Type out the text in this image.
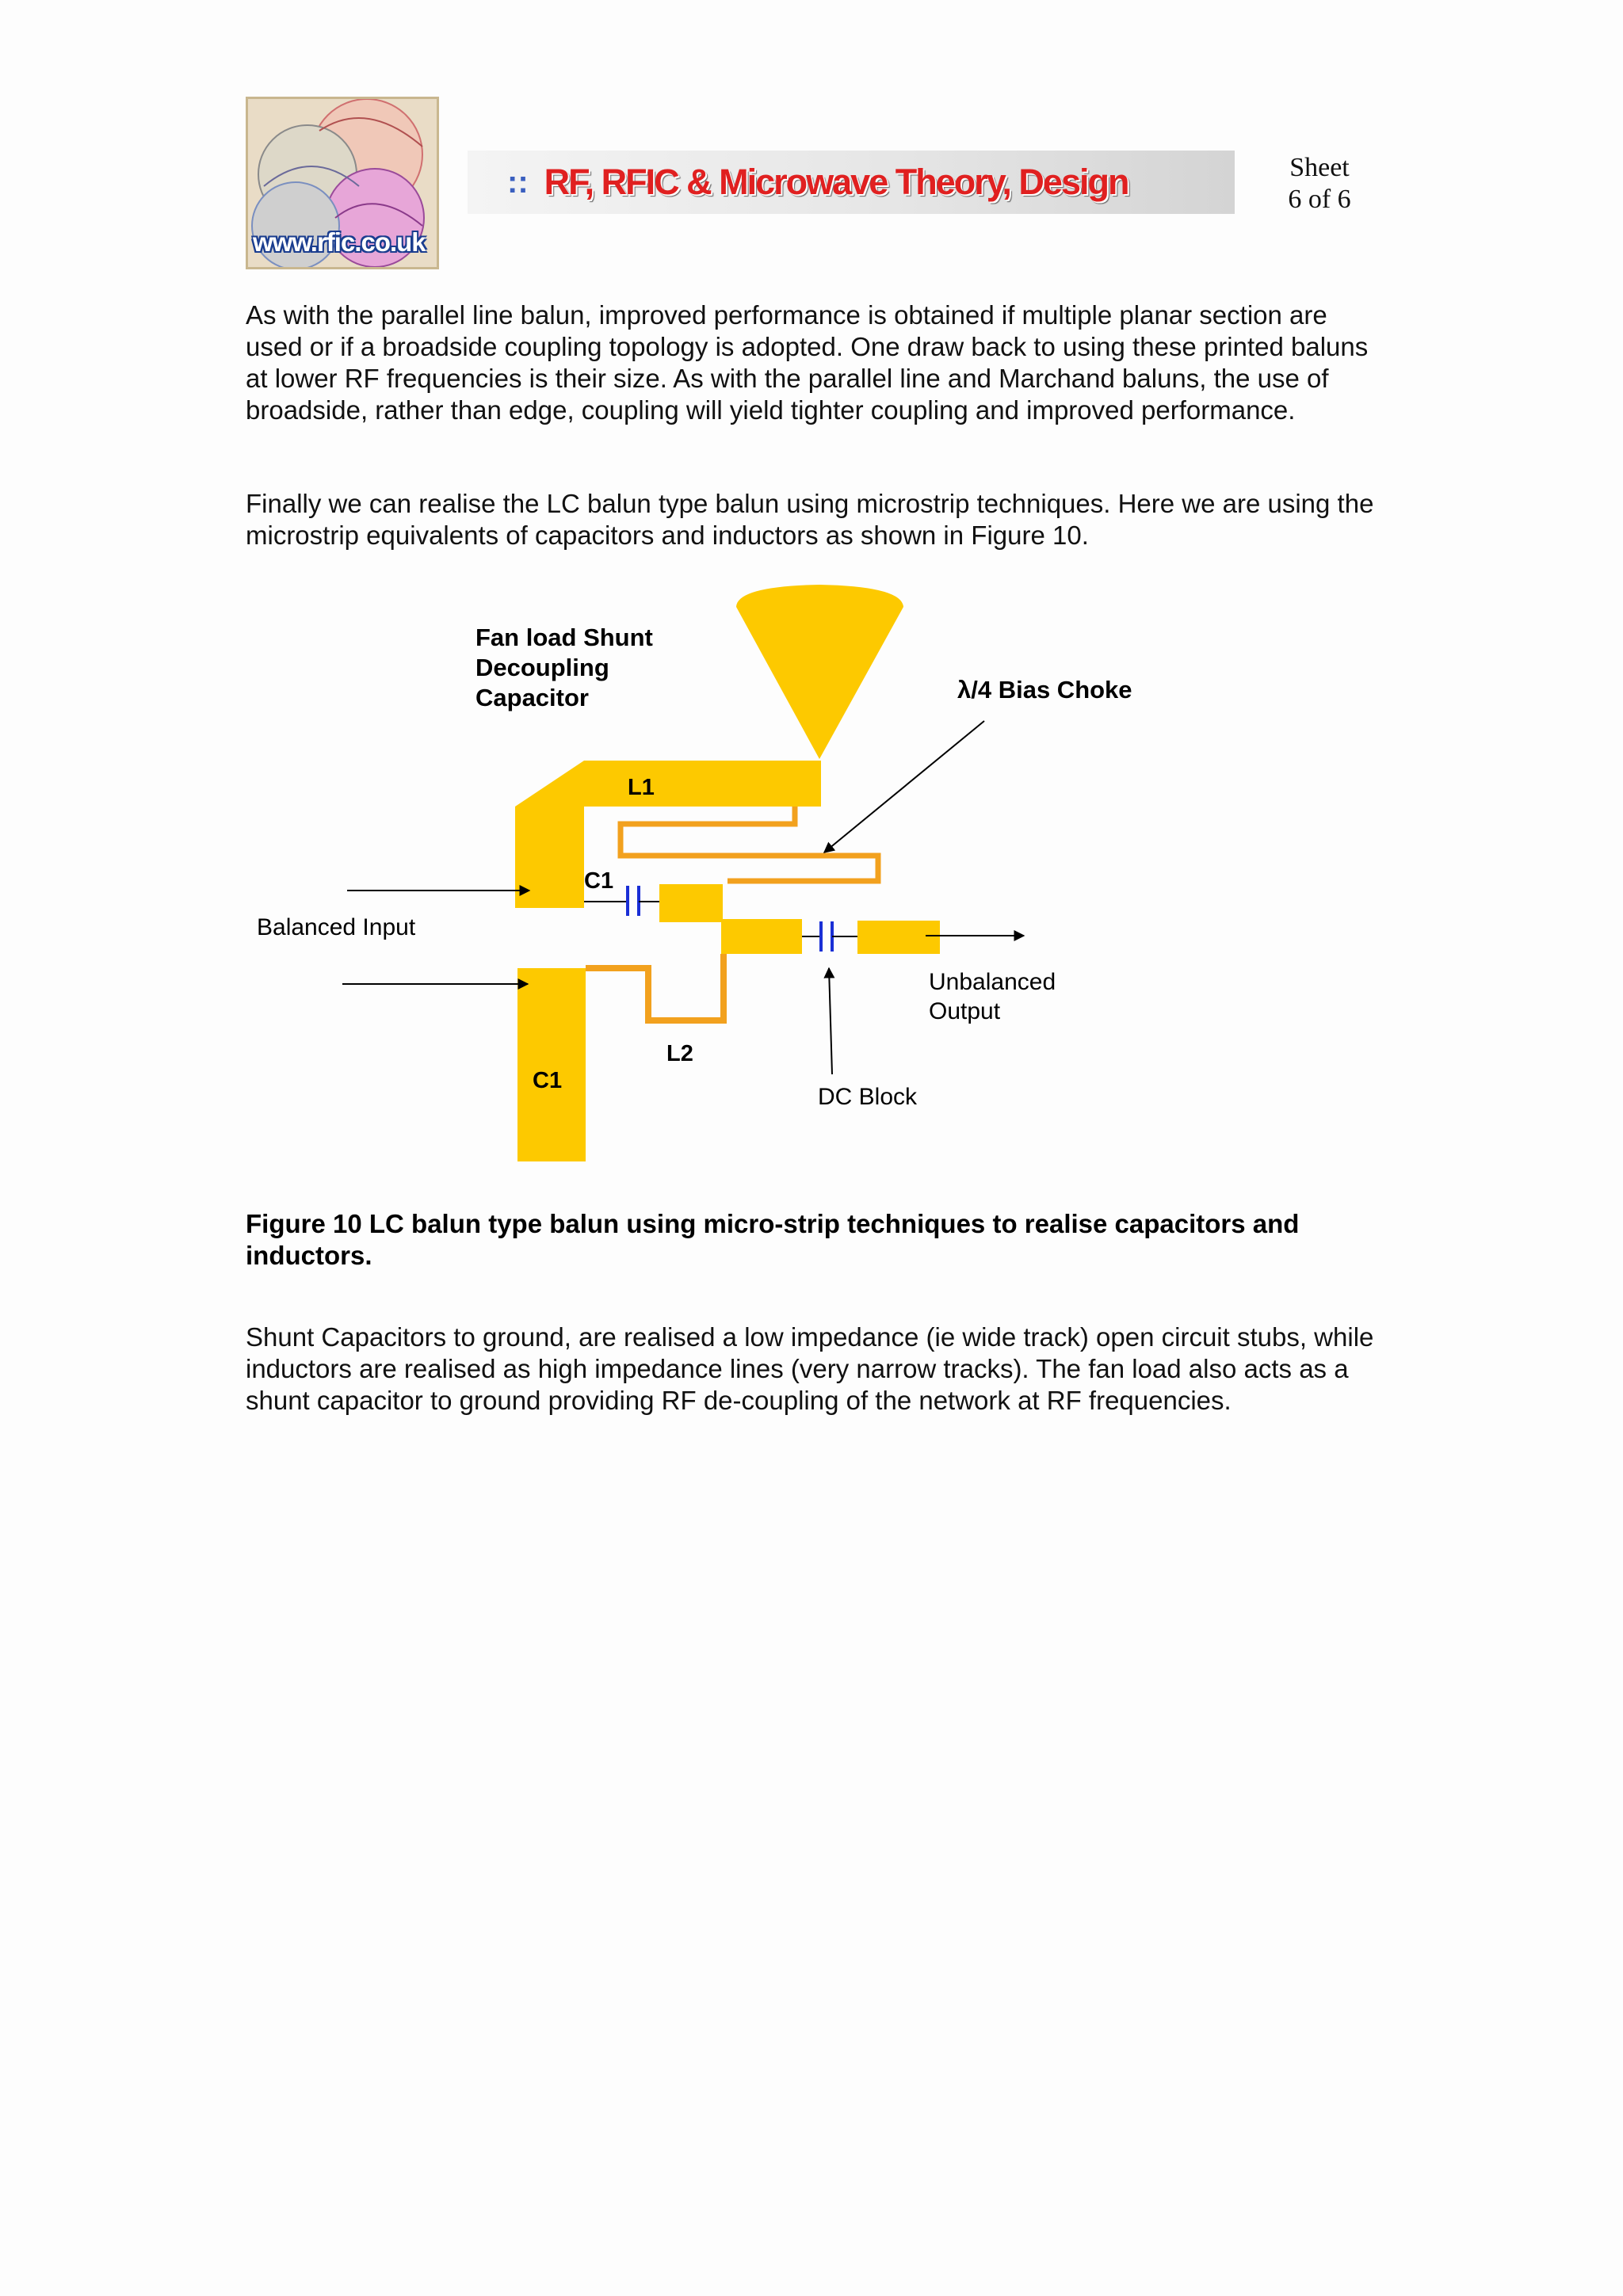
www.rfic.co.uk
:: RF, RFIC & Microwave Theory, Design	Sheet
6 of 6

As with the parallel line balun, improved performance is obtained if multiple planar section are used or if a broadside coupling topology is adopted. One draw back to using these printed baluns at lower RF frequencies is their size. As with the parallel line and Marchand baluns, the use of broadside, rather than edge, coupling will yield tighter coupling and improved performance.

Finally we can realise the LC balun type balun using microstrip techniques. Here we are using the microstrip equivalents of capacitors and inductors as shown in Figure 10.

Fan load Shunt
Decoupling
Capacitor	λ/4 Bias Choke
L1
C1
Balanced Input
Unbalanced
Output
L2
C1
DC Block

Figure 10 LC balun type balun using micro-strip techniques to realise capacitors and inductors.

Shunt Capacitors to ground, are realised a low impedance (ie wide track) open circuit stubs, while inductors are realised as high impedance lines (very narrow tracks). The fan load also acts as a shunt capacitor to ground providing RF de-coupling of the network at RF frequencies.
